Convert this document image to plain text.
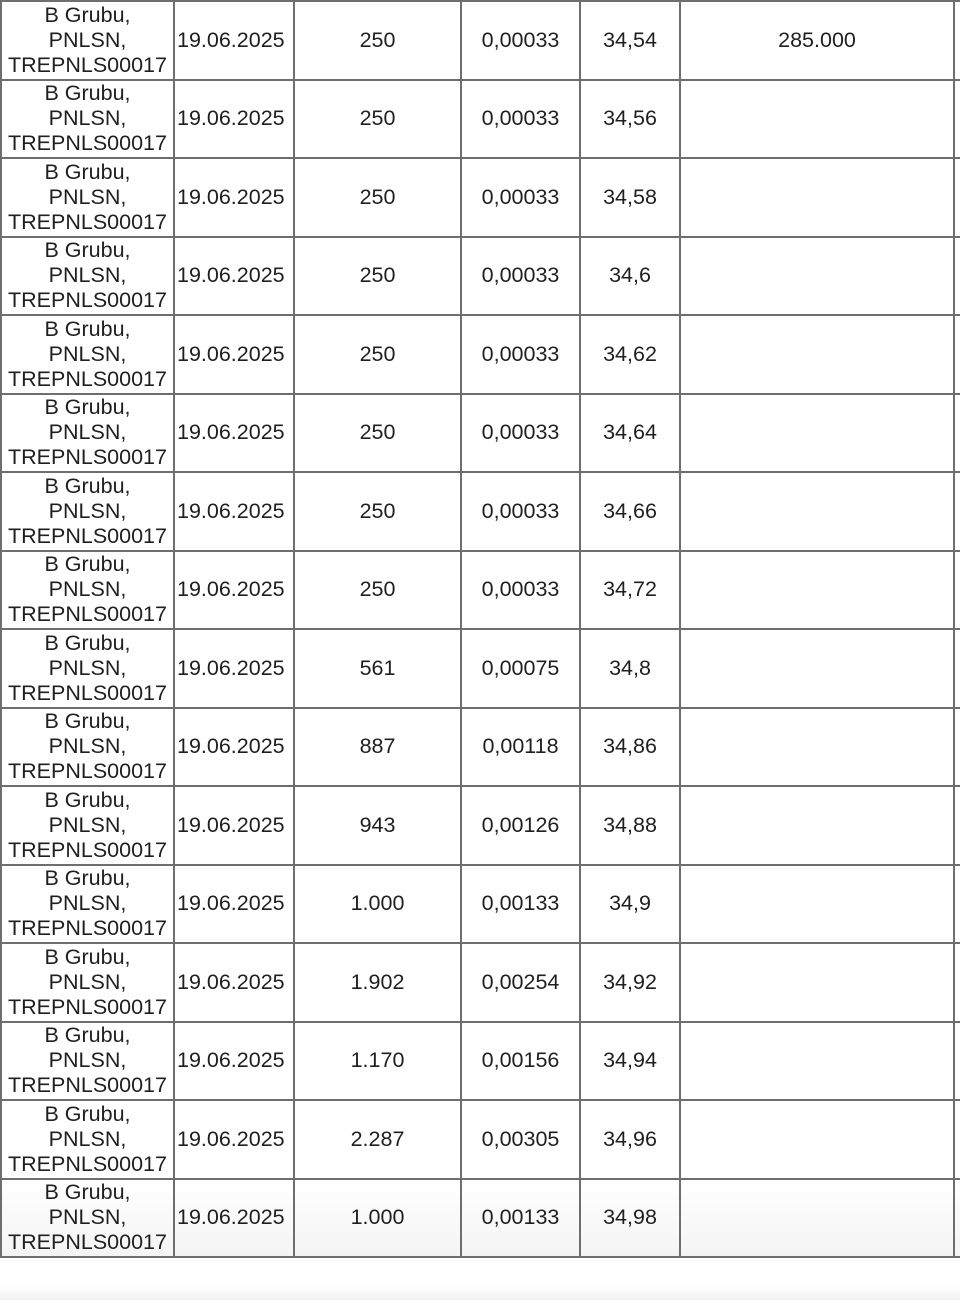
B Grubu,
PNLSN,
TREPNLS00017	19.06.2025	250	0,00033	34,54	285.000	

B Grubu,
PNLSN,
TREPNLS00017	19.06.2025	250	0,00033	34,56		

B Grubu,
PNLSN,
TREPNLS00017	19.06.2025	250	0,00033	34,58		

B Grubu,
PNLSN,
TREPNLS00017	19.06.2025	250	0,00033	34,6		

B Grubu,
PNLSN,
TREPNLS00017	19.06.2025	250	0,00033	34,62		

B Grubu,
PNLSN,
TREPNLS00017	19.06.2025	250	0,00033	34,64		

B Grubu,
PNLSN,
TREPNLS00017	19.06.2025	250	0,00033	34,66		

B Grubu,
PNLSN,
TREPNLS00017	19.06.2025	250	0,00033	34,72		

B Grubu,
PNLSN,
TREPNLS00017	19.06.2025	561	0,00075	34,8		

B Grubu,
PNLSN,
TREPNLS00017	19.06.2025	887	0,00118	34,86		

B Grubu,
PNLSN,
TREPNLS00017	19.06.2025	943	0,00126	34,88		

B Grubu,
PNLSN,
TREPNLS00017	19.06.2025	1.000	0,00133	34,9		

B Grubu,
PNLSN,
TREPNLS00017	19.06.2025	1.902	0,00254	34,92		

B Grubu,
PNLSN,
TREPNLS00017	19.06.2025	1.170	0,00156	34,94		

B Grubu,
PNLSN,
TREPNLS00017	19.06.2025	2.287	0,00305	34,96		

B Grubu,
PNLSN,
TREPNLS00017	19.06.2025	1.000	0,00133	34,98		
